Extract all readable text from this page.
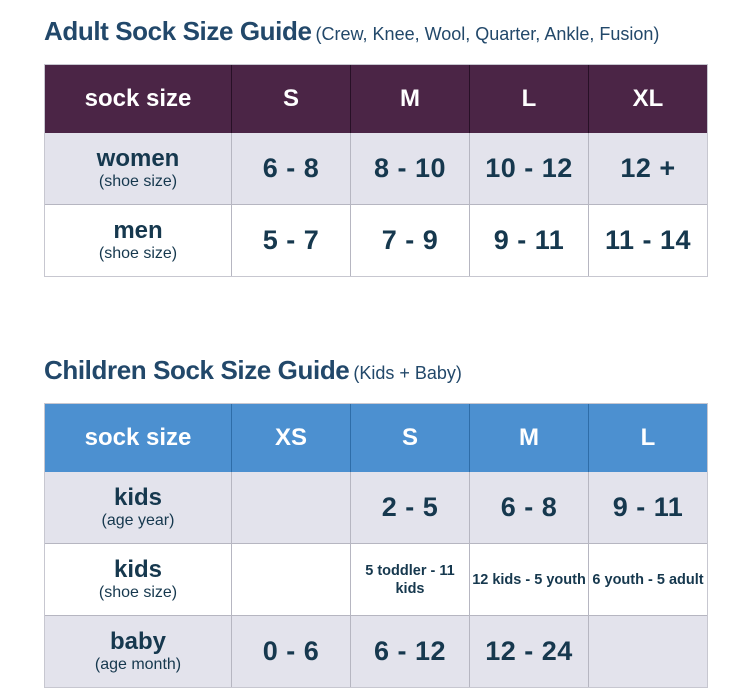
Adult Sock Size Guide (Crew, Knee, Wool, Quarter, Ankle, Fusion)
sock size	S	M	L	XL

women
(shoe size)	6 - 8	8 - 10	10 - 12	12 +

men
(shoe size)	5 - 7	7 - 9	9 - 11	11 - 14
Children Sock Size Guide (Kids + Baby)
sock size	XS	S	M	L

kids
(age year)		2 - 5	6 - 8	9 - 11

kids
(shoe size)		5 toddler - 11 kids	12 kids - 5 youth	6 youth - 5 adult

baby
(age month)	0 - 6	6 - 12	12 - 24	
